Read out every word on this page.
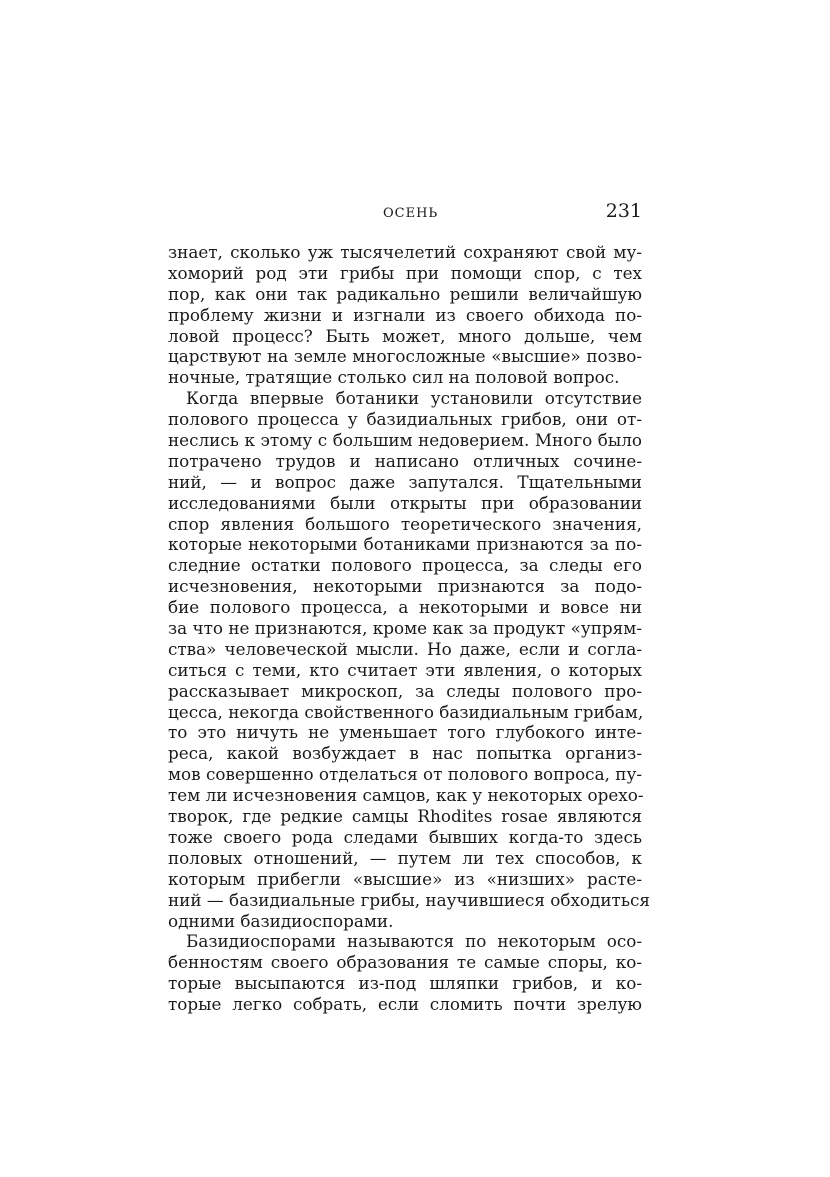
ОСЕНЬ	231
знает, сколько уж тысячелетий сохраняют свой му-
хоморий род эти грибы при помощи спор, с тех
пор, как они так радикально решили величайшую
проблему жизни и изгнали из своего обихода по-
ловой процесс? Быть может, много дольше, чем
царствуют на земле многосложные «высшие» позво-
ночные, тратящие столько сил на половой вопрос.
Когда впервые ботаники установили отсутствие
полового процесса у базидиальных грибов, они от-
неслись к этому с большим недоверием. Много было
потрачено трудов и написано отличных сочине-
ний, — и вопрос даже запутался. Тщательными
исследованиями были открыты при образовании
спор явления большого теоретического значения,
которые некоторыми ботаниками признаются за по-
следние остатки полового процесса, за следы его
исчезновения, некоторыми признаются за подо-
бие полового процесса, а некоторыми и вовсе ни
за что не признаются, кроме как за продукт «упрям-
ства» человеческой мысли. Но даже, если и согла-
ситься с теми, кто считает эти явления, о которых
рассказывает микроскоп, за следы полового про-
цесса, некогда свойственного базидиальным грибам,
то это ничуть не уменьшает того глубокого инте-
реса, какой возбуждает в нас попытка организ-
мов совершенно отделаться от полового вопроса, пу-
тем ли исчезновения самцов, как у некоторых орехо-
творок, где редкие самцы Rhodites rosae являются
тоже своего рода следами бывших когда-то здесь
половых отношений, — путем ли тех способов, к
которым прибегли «высшие» из «низших» расте-
ний — базидиальные грибы, научившиеся обходиться
одними базидиоспорами.
Базидиоспорами называются по некоторым осо-
бенностям своего образования те самые споры, ко-
торые высыпаются из-под шляпки грибов, и ко-
торые легко собрать, если сломить почти зрелую
